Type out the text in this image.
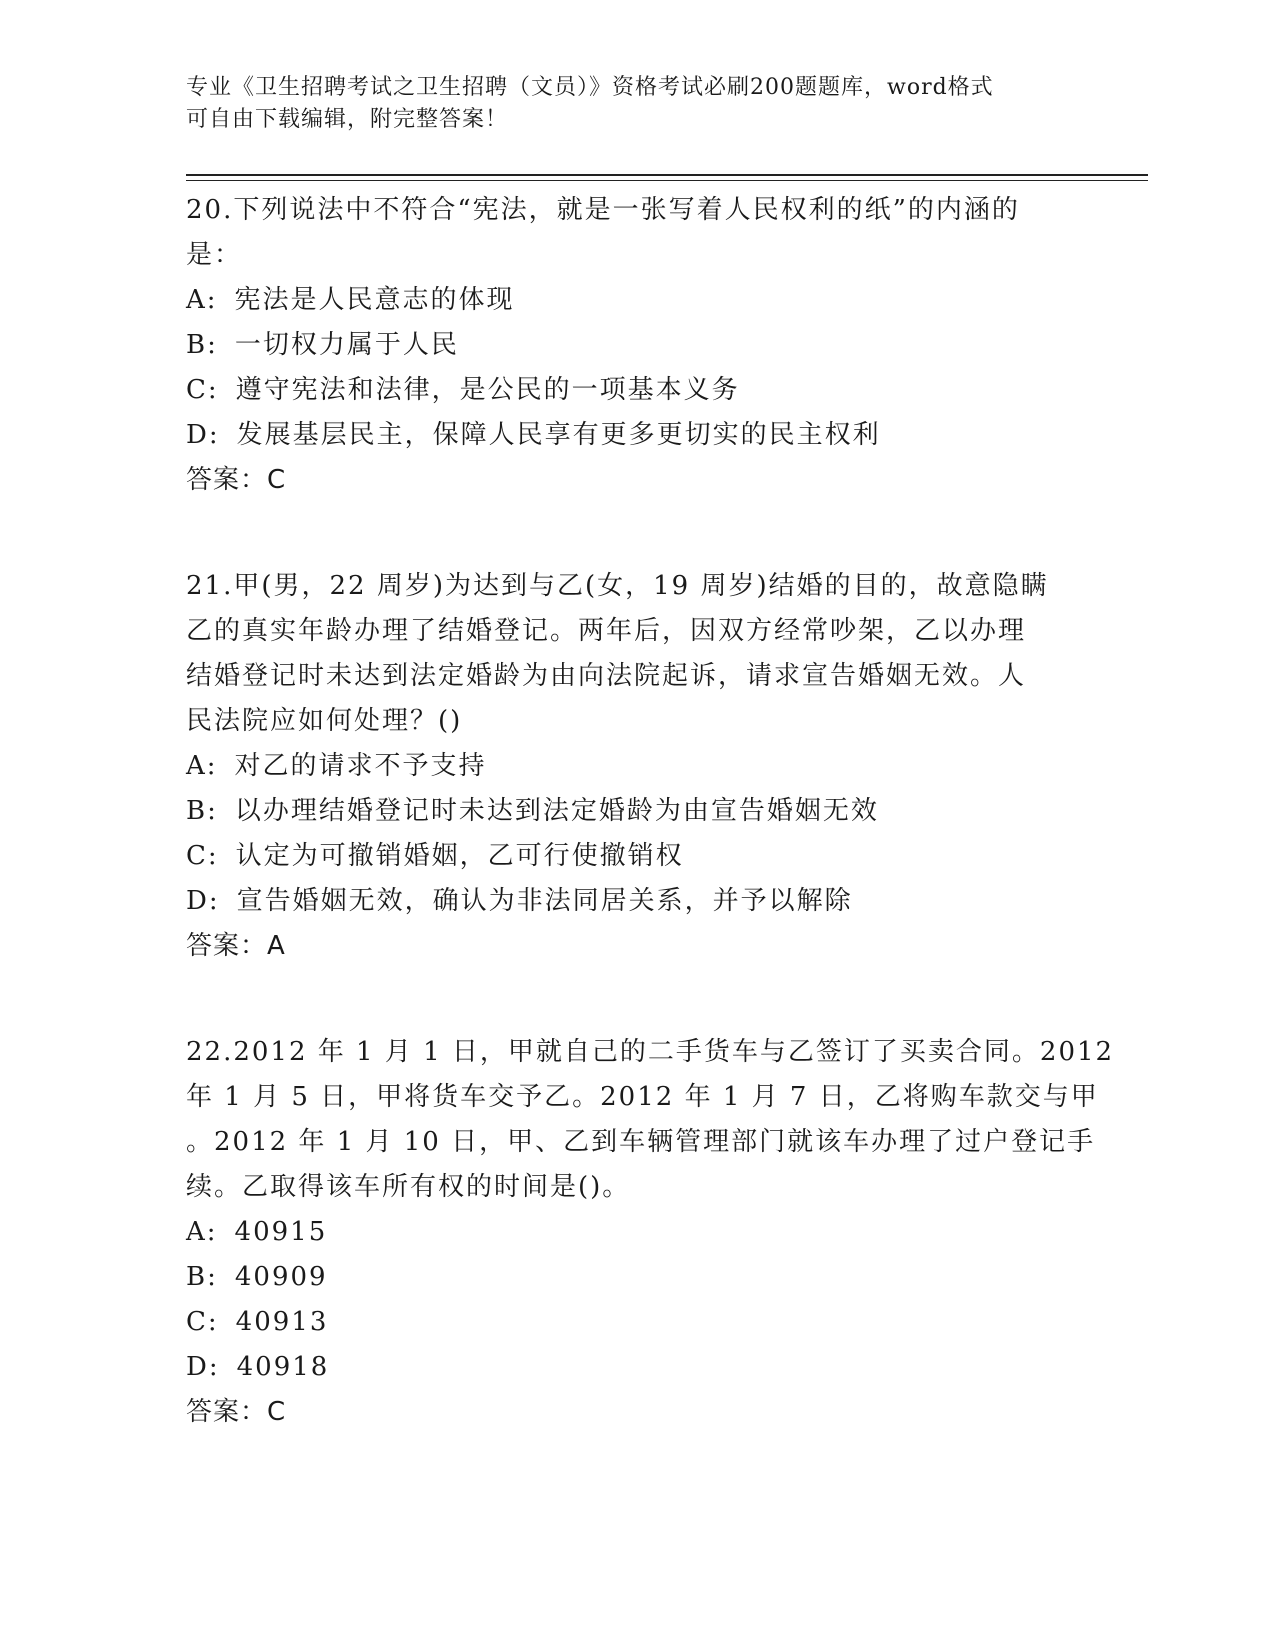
专业《卫生招聘考试之卫生招聘（文员）》资格考试必刷200题题库，word格式
可自由下载编辑，附完整答案！
20.下列说法中不符合“宪法，就是一张写着人民权利的纸”的内涵的
是：
A: 宪法是人民意志的体现
B: 一切权力属于人民
C: 遵守宪法和法律，是公民的一项基本义务
D: 发展基层民主，保障人民享有更多更切实的民主权利
答案：C
21.甲(男，22 周岁)为达到与乙(女，19 周岁)结婚的目的，故意隐瞒
乙的真实年龄办理了结婚登记。两年后，因双方经常吵架，乙以办理
结婚登记时未达到法定婚龄为由向法院起诉，请求宣告婚姻无效。人
民法院应如何处理？()
A: 对乙的请求不予支持
B: 以办理结婚登记时未达到法定婚龄为由宣告婚姻无效
C: 认定为可撤销婚姻，乙可行使撤销权
D: 宣告婚姻无效，确认为非法同居关系，并予以解除
答案：A
22.2012 年 1 月 1 日，甲就自己的二手货车与乙签订了买卖合同。2012
年 1 月 5 日，甲将货车交予乙。2012 年 1 月 7 日，乙将购车款交与甲
。2012 年 1 月 10 日，甲、乙到车辆管理部门就该车办理了过户登记手
续。乙取得该车所有权的时间是()。
A: 40915
B: 40909
C: 40913
D: 40918
答案：C
